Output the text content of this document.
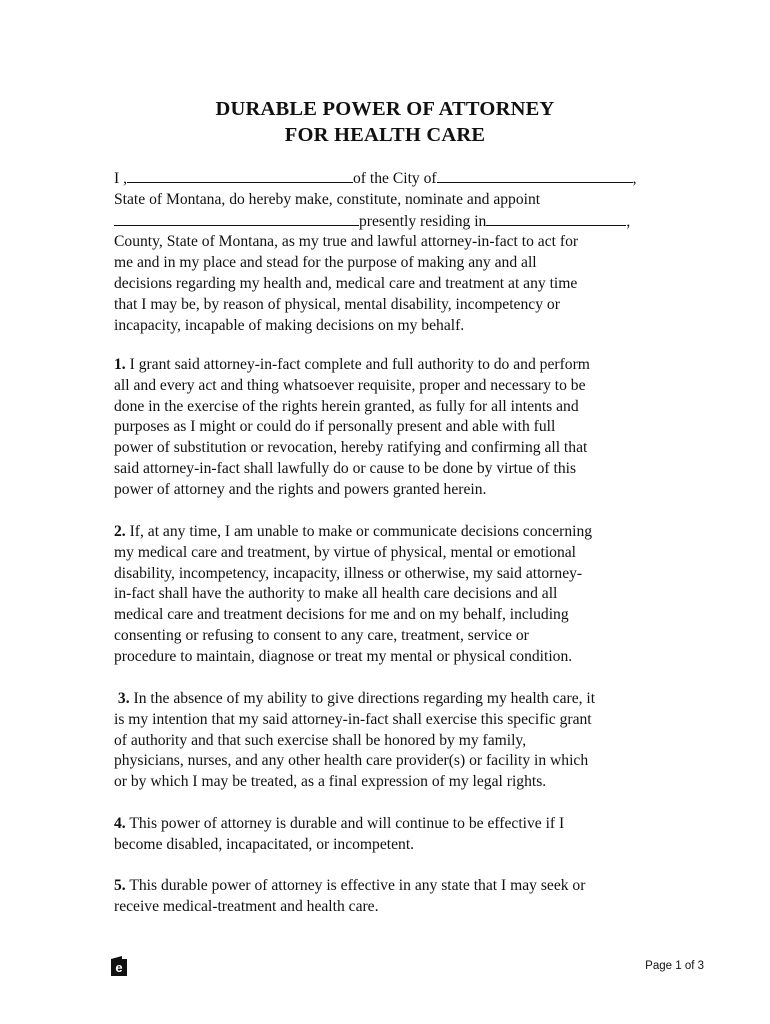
DURABLE POWER OF ATTORNEY
FOR HEALTH CARE
I ,	of the City of	,
State of Montana, do hereby make, constitute, nominate and appoint
presently residing in	,
County, State of Montana, as my true and lawful attorney-in-fact to act for
me and in my place and stead for the purpose of making any and all
decisions regarding my health and, medical care and treatment at any time
that I may be, by reason of physical, mental disability, incompetency or
incapacity, incapable of making decisions on my behalf.
1. I grant said attorney-in-fact complete and full authority to do and perform
all and every act and thing whatsoever requisite, proper and necessary to be
done in the exercise of the rights herein granted, as fully for all intents and
purposes as I might or could do if personally present and able with full
power of substitution or revocation, hereby ratifying and confirming all that
said attorney-in-fact shall lawfully do or cause to be done by virtue of this
power of attorney and the rights and powers granted herein.
2. If, at any time, I am unable to make or communicate decisions concerning
my medical care and treatment, by virtue of physical, mental or emotional
disability, incompetency, incapacity, illness or otherwise, my said attorney-
in-fact shall have the authority to make all health care decisions and all
medical care and treatment decisions for me and on my behalf, including
consenting or refusing to consent to any care, treatment, service or
procedure to maintain, diagnose or treat my mental or physical condition.
3. In the absence of my ability to give directions regarding my health care, it
is my intention that my said attorney-in-fact shall exercise this specific grant
of authority and that such exercise shall be honored by my family,
physicians, nurses, and any other health care provider(s) or facility in which
or by which I may be treated, as a final expression of my legal rights.
4. This power of attorney is durable and will continue to be effective if I
become disabled, incapacitated, or incompetent.
5. This durable power of attorney is effective in any state that I may seek or
receive medical-treatment and health care.
e	Page 1 of 3
